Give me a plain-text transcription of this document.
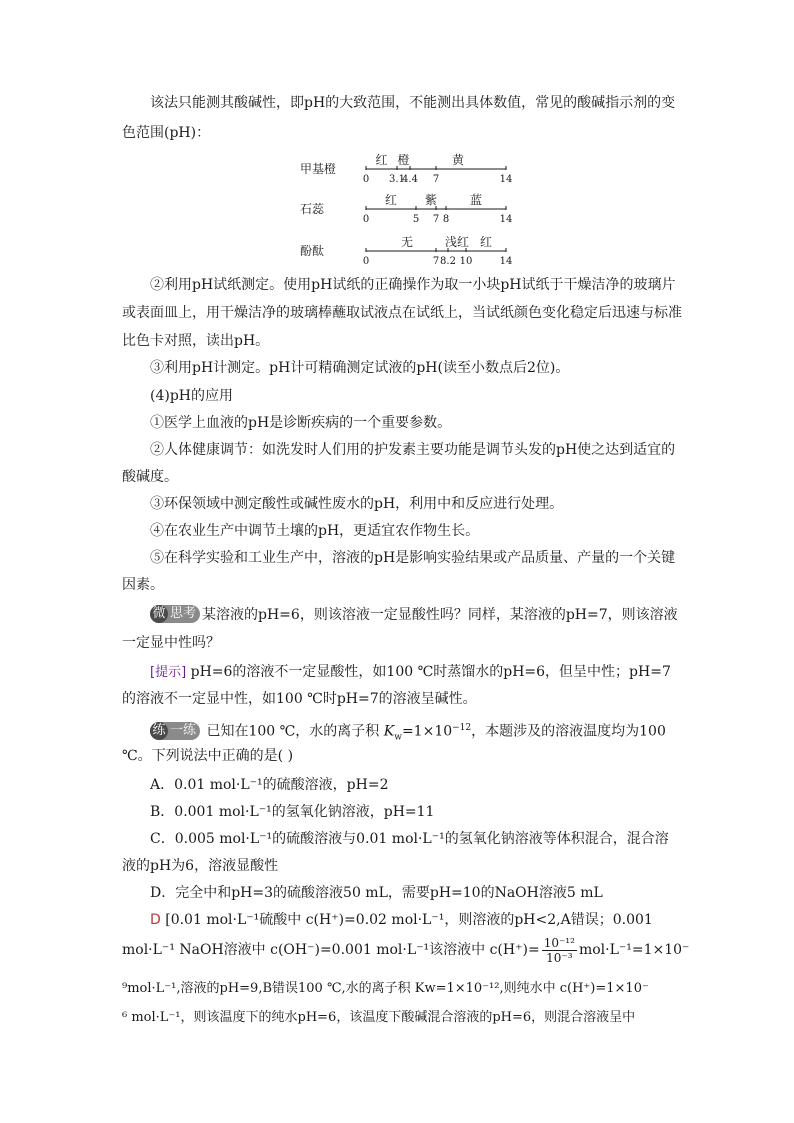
该法只能测其酸碱性，即pH的大致范围，不能测出具体数值，常见的酸碱指示剂的变

色范围(pH)：

甲基橙
0 3.1
4.4 7	14
红 橙	黄
石蕊
0	5 7 8	14
红 紫	蓝
酚酞
0	7 8.2 10	14
无	浅红 红

②利用pH试纸测定。使用pH试纸的正确操作为取一小块pH试纸于干燥洁净的玻璃片

或表面皿上，用干燥洁净的玻璃棒蘸取试液点在试纸上，当试纸颜色变化稳定后迅速与标准

比色卡对照，读出pH。

③利用pH计测定。pH计可精确测定试液的pH(读至小数点后2位)。

(4)pH的应用

①医学上血液的pH是诊断疾病的一个重要参数。

②人体健康调节：如洗发时人们用的护发素主要功能是调节头发的pH使之达到适宜的

酸碱度。

③环保领域中测定酸性或碱性废水的pH，利用中和反应进行处理。

④在农业生产中调节土壤的pH，更适宜农作物生长。

⑤在科学实验和工业生产中，溶液的pH是影响实验结果或产品质量、产量的一个关键

因素。

微 思考 某溶液的pH=6，则该溶液一定显酸性吗？同样，某溶液的pH=7，则该溶液

一定显中性吗？

[提示] pH=6的溶液不一定显酸性，如100 ℃时蒸馏水的pH=6，但呈中性；pH=7

的溶液不一定显中性，如100 ℃时pH=7的溶液呈碱性。

练 一练 已知在100 ℃，水的离子积 $K_w=1\times 10^{-12}$，本题涉及的溶液温度均为100

℃。下列说法中正确的是( )

A．0.01 mol·L⁻¹的硫酸溶液，pH=2

B．0.001 mol·L⁻¹的氢氧化钠溶液，pH=11

C．0.005 mol·L⁻¹的硫酸溶液与0.01 mol·L⁻¹的氢氧化钠溶液等体积混合，混合溶

液的pH为6，溶液显酸性

D．完全中和pH=3的硫酸溶液50 mL，需要pH=10的NaOH溶液5 mL

D [0.01 mol·L⁻¹硫酸中 c(H⁺)=0.02 mol·L⁻¹，则溶液的pH<2,A错误；0.001

mol·L⁻¹ NaOH溶液中 c(OH⁻)=0.001 mol·L⁻¹该溶液中 $c(H^+)= \frac{\text{10⁻¹²}}{\text{10⁻³}} mol\cdot L^{-1}=1\times 10^-$

⁹mol·L⁻¹,溶液的pH=9,B错误100 ℃,水的离子积 Kw=1×10⁻¹²,则纯水中 c(H⁺)=1×10⁻

⁶ mol·L⁻¹，则该温度下的纯水pH=6，该温度下酸碱混合溶液的pH=6，则混合溶液呈中
